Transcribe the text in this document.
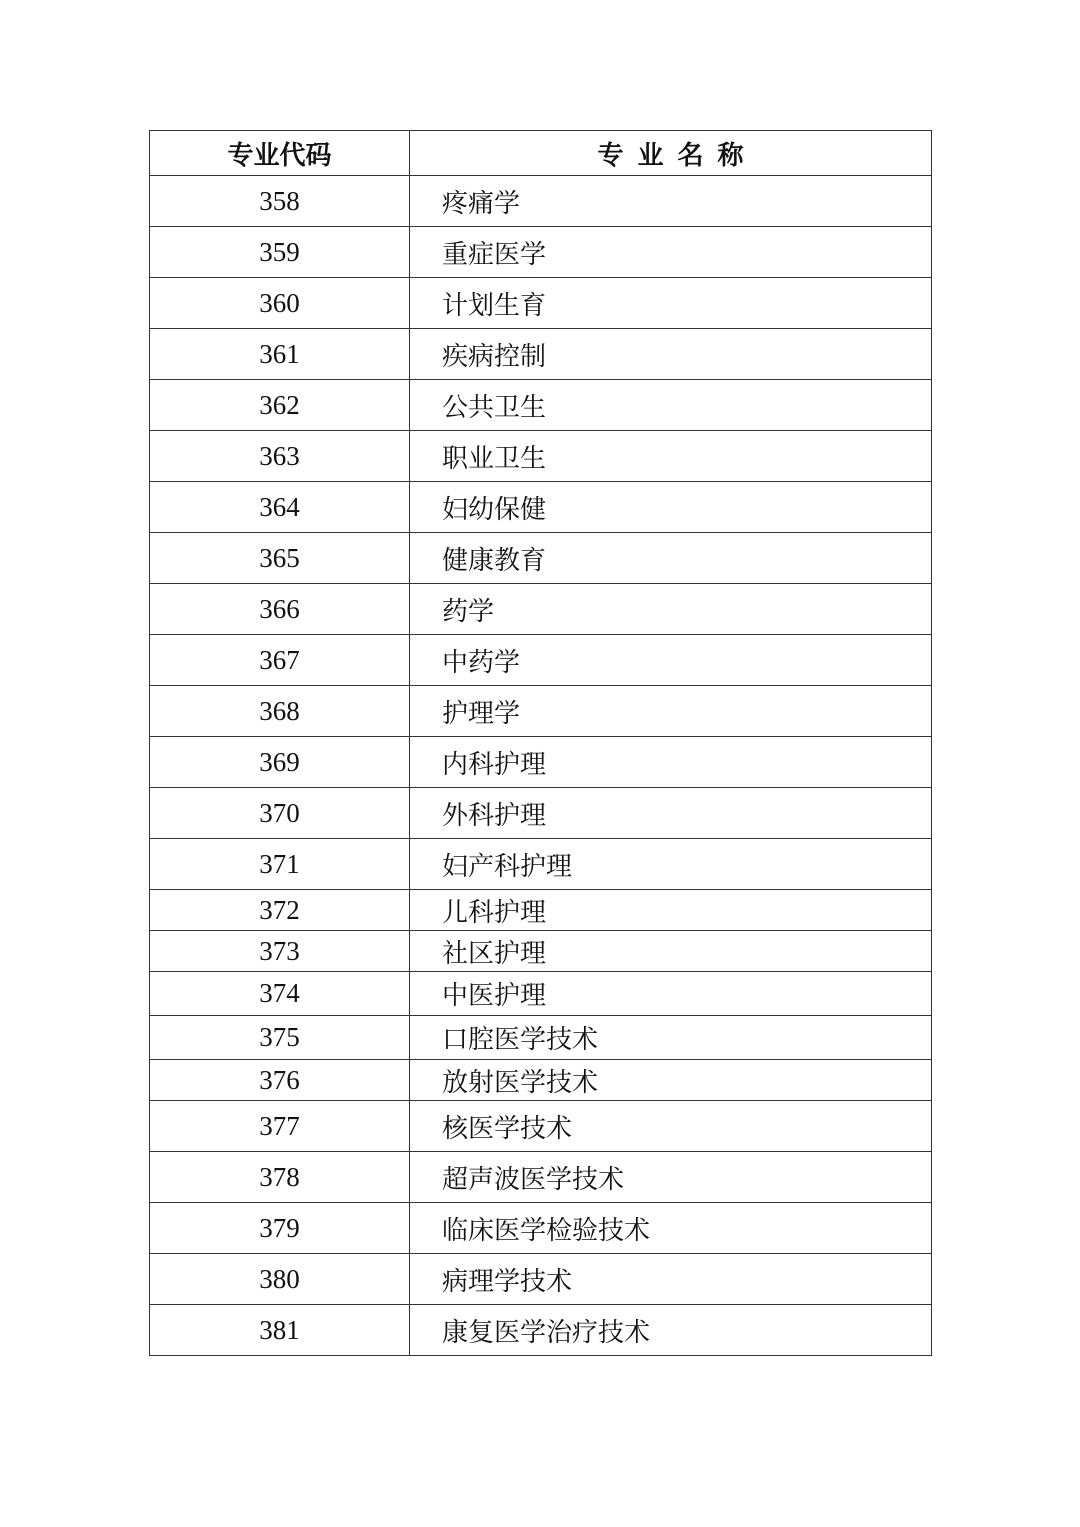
专业代码	专业名称
358	疼痛学
359	重症医学
360	计划生育
361	疾病控制
362	公共卫生
363	职业卫生
364	妇幼保健
365	健康教育
366	药学
367	中药学
368	护理学
369	内科护理
370	外科护理
371	妇产科护理
372	儿科护理
373	社区护理
374	中医护理
375	口腔医学技术
376	放射医学技术
377	核医学技术
378	超声波医学技术
379	临床医学检验技术
380	病理学技术
381	康复医学治疗技术
